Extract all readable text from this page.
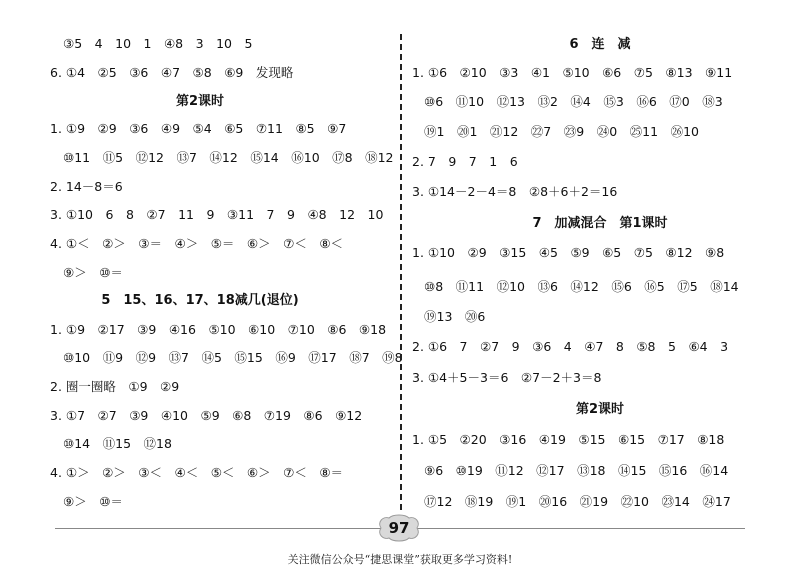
③5　4　10　1　④8　3　10　5
6. ①4　②5　③6　④7　⑤8　⑥9　发现略
第2课时
1. ①9　②9　③6　④9　⑤4　⑥5　⑦11　⑧5　⑨7
⑩11　⑪5　⑫12　⑬7　⑭12　⑮14　⑯10　⑰8　⑱12
2. 14－8＝6
3. ①10　6　8　②7　11　9　③11　7　9　④8　12　10
4. ①＜　②＞　③＝　④＞　⑤＝　⑥＞　⑦＜　⑧＜
⑨＞　⑩＝
5　15、16、17、18减几(退位)
1. ①9　②17　③9　④16　⑤10　⑥10　⑦10　⑧6　⑨18
⑩10　⑪9　⑫9　⑬7　⑭5　⑮15　⑯9　⑰17　⑱7　⑲8
2. 圈一圈略　①9　②9
3. ①7　②7　③9　④10　⑤9　⑥8　⑦19　⑧6　⑨12
⑩14　⑪15　⑫18
4. ①＞　②＞　③＜　④＜　⑤＜　⑥＞　⑦＜　⑧＝
⑨＞　⑩＝
6　连　减
1. ①6　②10　③3　④1　⑤10　⑥6　⑦5　⑧13　⑨11
⑩6　⑪10　⑫13　⑬2　⑭4　⑮3　⑯6　⑰0　⑱3
⑲1　⑳1　㉑12　㉒7　㉓9　㉔0　㉕11　㉖10
2. 7　9　7　1　6
3. ①14－2－4＝8　②8＋6＋2＝16
7　加减混合　第1课时
1. ①10　②9　③15　④5　⑤9　⑥5　⑦5　⑧12　⑨8
⑩8　⑪11　⑫10　⑬6　⑭12　⑮6　⑯5　⑰5　⑱14
⑲13　⑳6
2. ①6　7　②7　9　③6　4　④7　8　⑤8　5　⑥4　3
3. ①4＋5－3＝6　②7－2＋3＝8
第2课时
1. ①5　②20　③16　④19　⑤15　⑥15　⑦17　⑧18
⑨6　⑩19　⑪12　⑫17　⑬18　⑭15　⑮16　⑯14
⑰12　⑱19　⑲1　⑳16　㉑19　㉒10　㉓14　㉔17
97
关注微信公众号“捷思课堂”获取更多学习资料!
